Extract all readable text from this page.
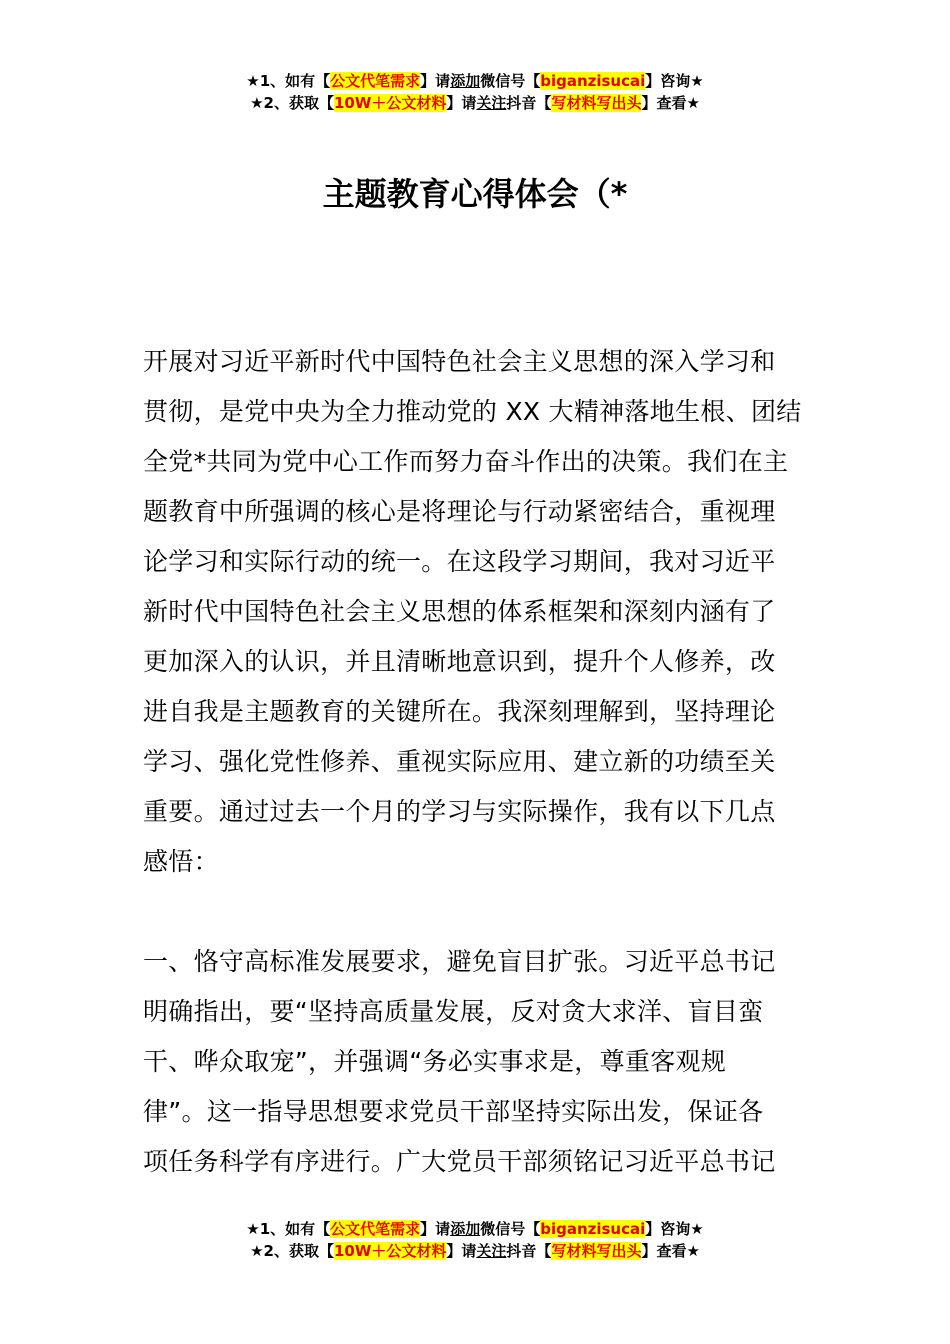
★1、如有【公文代笔需求】请添加微信号【biganzisucai】咨询★
★2、获取【10W＋公文材料】请关注抖音【写材料写出头】查看★
主题教育心得体会（*
开展对习近平新时代中国特色社会主义思想的深入学习和
贯彻，是党中央为全力推动党的 XX 大精神落地生根、团结
全党*共同为党中心工作而努力奋斗作出的决策。我们在主
题教育中所强调的核心是将理论与行动紧密结合，重视理
论学习和实际行动的统一。在这段学习期间，我对习近平
新时代中国特色社会主义思想的体系框架和深刻内涵有了
更加深入的认识，并且清晰地意识到，提升个人修养，改
进自我是主题教育的关键所在。我深刻理解到，坚持理论
学习、强化党性修养、重视实际应用、建立新的功绩至关
重要。通过过去一个月的学习与实际操作，我有以下几点
感悟：
一、恪守高标准发展要求，避免盲目扩张。习近平总书记
明确指出，要“坚持高质量发展，反对贪大求洋、盲目蛮
干、哗众取宠”，并强调“务必实事求是，尊重客观规
律”。这一指导思想要求党员干部坚持实际出发，保证各
项任务科学有序进行。广大党员干部须铭记习近平总书记
★1、如有【公文代笔需求】请添加微信号【biganzisucai】咨询★
★2、获取【10W＋公文材料】请关注抖音【写材料写出头】查看★
